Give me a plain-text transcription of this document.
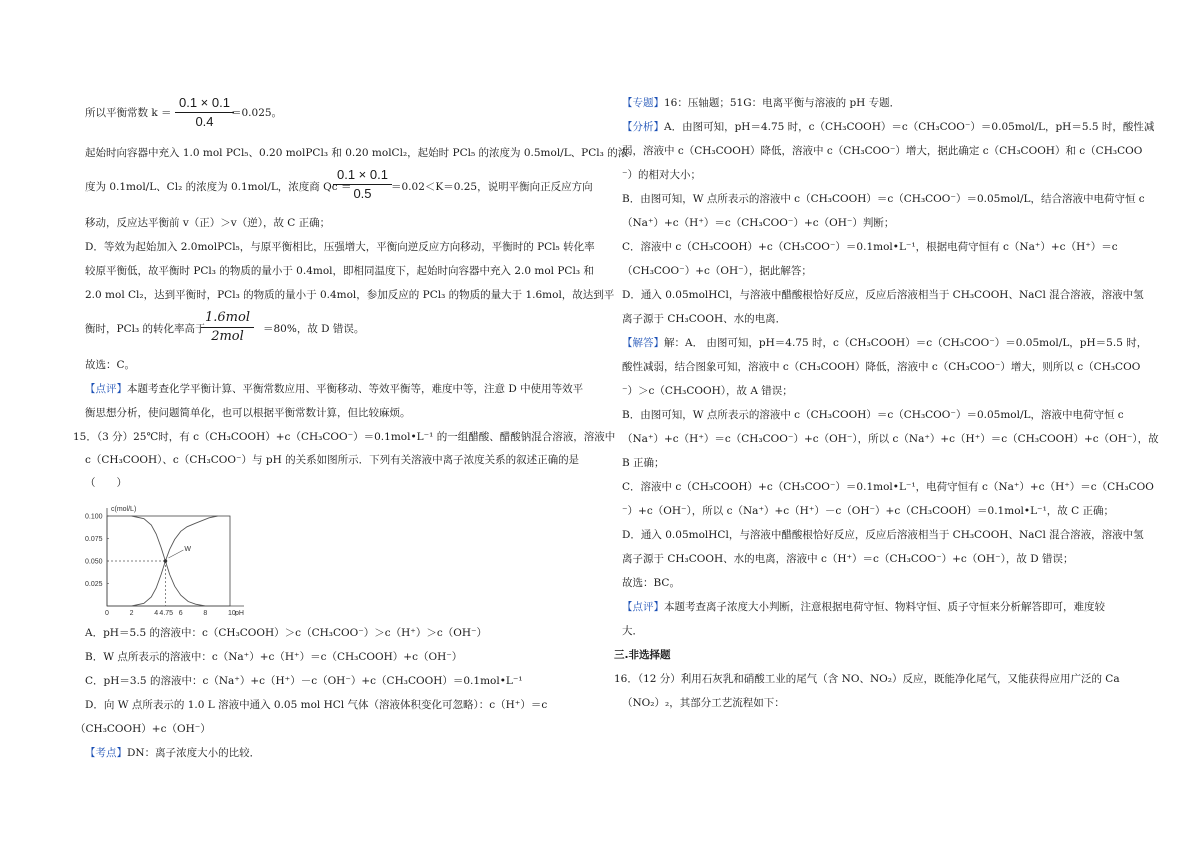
所以平衡常数 $k = \frac{0.1 \times 0.1}{0.4}$
＝0.025。
起始时向容器中充入 1.0 mol PCl₅、0.20 molPCl₃ 和 0.20 molCl₂，起始时 PCl₅ 的浓度为 0.5mol/L、PCl₃ 的浓
度为 0.1mol/L、Cl₂ 的浓度为 0.1mol/L，浓度商 Qc ＝
$\frac{0.1 \times 0.1}{0.5} =0.02<K=0.25$，说明平衡向正反应方向
移动，反应达平衡前 v（正）＞v（逆），故 C 正确；
D．等效为起始加入 2.0molPCl₅，与原平衡相比，压强增大，平衡向逆反应方向移动，平衡时的 PCl₅ 转化率
较原平衡低，故平衡时 PCl₃ 的物质的量小于 0.4mol，即相同温度下，起始时向容器中充入 2.0 mol PCl₃ 和
2.0 mol Cl₂，达到平衡时，PCl₃ 的物质的量小于 0.4mol，参加反应的 PCl₃ 的物质的量大于 1.6mol，故达到平
衡时，PCl₃ 的转化率高于
1.6mol
2mol	＝80%，故 D 错误。
故选：C。
【点评】本题考查化学平衡计算、平衡常数应用、平衡移动、等效平衡等，难度中等，注意 D 中使用等效平
衡思想分析，使问题简单化，也可以根据平衡常数计算，但比较麻烦。
15．（3 分）25℃时，有 c（CH₃COOH）+c（CH₃COO⁻）＝0.1mol•L⁻¹ 的一组醋酸、醋酸钠混合溶液，溶液中
c（CH₃COOH）、c（CH₃COO⁻）与 pH 的关系如图所示．下列有关溶液中离子浓度关系的叙述正确的是
（　　）
A．pH＝5.5 的溶液中：c（CH₃COOH）＞c（CH₃COO⁻）＞c（H⁺）＞c（OH⁻）
B．W 点所表示的溶液中：c（Na⁺）+c（H⁺）＝c（CH₃COOH）+c（OH⁻）
C．pH＝3.5 的溶液中：c（Na⁺）+c（H⁺）－c（OH⁻）+c（CH₃COOH）＝0.1mol•L⁻¹
D．向 W 点所表示的 1.0 L 溶液中通入 0.05 mol HCl 气体（溶液体积变化可忽略）：c（H⁺）＝c
（CH₃COOH）+c（OH⁻）
【考点】DN：离子浓度大小的比较．
c(mol/L)
pH
0.100
0.075
0.050
0.025
0	2	4 4.75 6	8	10
W
【专题】16：压轴题；51G：电离平衡与溶液的 pH 专题．
【分析】A．由图可知，pH＝4.75 时，c（CH₃COOH）＝c（CH₃COO⁻）＝0.05mol/L，pH＝5.5 时，酸性减
弱，溶液中 c（CH₃COOH）降低，溶液中 c（CH₃COO⁻）增大，据此确定 c（CH₃COOH）和 c（CH₃COO
⁻）的相对大小；
B．由图可知，W 点所表示的溶液中 c（CH₃COOH）＝c（CH₃COO⁻）＝0.05mol/L，结合溶液中电荷守恒 c
（Na⁺）+c（H⁺）＝c（CH₃COO⁻）+c（OH⁻）判断；
C．溶液中 c（CH₃COOH）+c（CH₃COO⁻）＝0.1mol•L⁻¹，根据电荷守恒有 c（Na⁺）+c（H⁺）＝c
（CH₃COO⁻）+c（OH⁻），据此解答；
D．通入 0.05molHCl，与溶液中醋酸根恰好反应，反应后溶液相当于 CH₃COOH、NaCl 混合溶液，溶液中氢
离子源于 CH₃COOH、水的电离．
【解答】解：A． 由图可知，pH＝4.75 时，c（CH₃COOH）＝c（CH₃COO⁻）＝0.05mol/L，pH＝5.5 时，
酸性减弱，结合图象可知，溶液中 c（CH₃COOH）降低，溶液中 c（CH₃COO⁻）增大，则所以 c（CH₃COO
⁻）＞c（CH₃COOH），故 A 错误；
B．由图可知，W 点所表示的溶液中 c（CH₃COOH）＝c（CH₃COO⁻）＝0.05mol/L，溶液中电荷守恒 c
（Na⁺）+c（H⁺）＝c（CH₃COO⁻）+c（OH⁻），所以 c（Na⁺）+c（H⁺）＝c（CH₃COOH）+c（OH⁻），故
B 正确；
C．溶液中 c（CH₃COOH）+c（CH₃COO⁻）＝0.1mol•L⁻¹，电荷守恒有 c（Na⁺）+c（H⁺）＝c（CH₃COO
⁻）+c（OH⁻），所以 c（Na⁺）+c（H⁺）－c（OH⁻）+c（CH₃COOH）＝0.1mol•L⁻¹，故 C 正确；
D．通入 0.05molHCl，与溶液中醋酸根恰好反应，反应后溶液相当于 CH₃COOH、NaCl 混合溶液，溶液中氢
离子源于 CH₃COOH、水的电离，溶液中 c（H⁺）＝c（CH₃COO⁻）+c（OH⁻），故 D 错误；
故选：BC。
【点评】本题考查离子浓度大小判断，注意根据电荷守恒、物料守恒、质子守恒来分析解答即可，难度较
大．
三.非选择题
16．（12 分）利用石灰乳和硝酸工业的尾气（含 NO、NO₂）反应，既能净化尾气，又能获得应用广泛的 Ca
（NO₂）₂，其部分工艺流程如下：
